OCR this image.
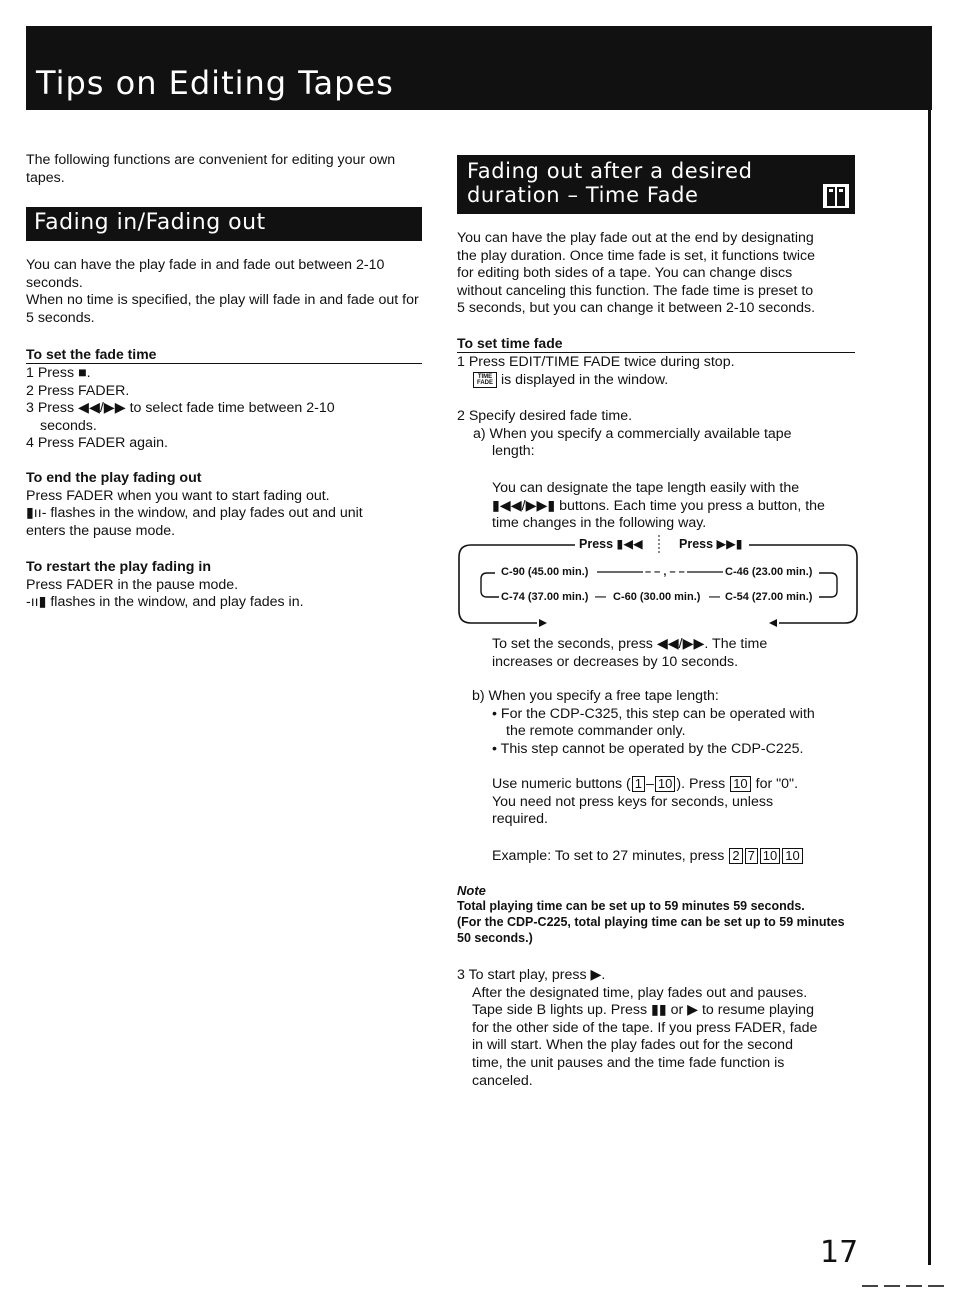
Tips on Editing Tapes

The following functions are convenient for editing your own tapes.

Fading in/Fading out

You can have the play fade in and fade out between 2-10 seconds.

When no time is specified, the play will fade in and fade out for 5 seconds.

To set the fade time

1 Press ■.

2 Press FADER.

3 Press ◀◀/▶▶ to select fade time between 2-10

seconds.

4 Press FADER again.

To end the play fading out

Press FADER when you want to start fading out.

▮ıı- flashes in the window, and play fades out and unit

enters the pause mode.

To restart the play fading in

Press FADER in the pause mode.

-ıı▮ flashes in the window, and play fades in.

Fading out after a desired
duration – Time Fade

You can have the play fade out at the end by designating

the play duration. Once time fade is set, it functions twice

for editing both sides of a tape. You can change discs

without canceling this function. The fade time is preset to

5 seconds, but you can change it between 2-10 seconds.

To set time fade

1 Press EDIT/TIME FADE twice during stop.

TIME
FADE is displayed in the window.

2 Specify desired fade time.

a) When you specify a commercially available tape

length:

You can designate the tape length easily with the

▮◀◀/▶▶▮ buttons. Each time you press a button, the

time changes in the following way.

Press ▮◀◀	Press ▶▶▮
C-90 (45.00 min.)	– – , – –	C-46 (23.00 min.)
C-74 (37.00 min.) — C-60 (30.00 min.) — C-54 (27.00 min.)

To set the seconds, press ◀◀/▶▶. The time

increases or decreases by 10 seconds.

b) When you specify a free tape length:

• For the CDP-C325, this step can be operated with

the remote commander only.

• This step cannot be operated by the CDP-C225.

Use numeric buttons ( 1 – 10 ). Press 10 for "0".

You need not press keys for seconds, unless

required.

Example: To set to 27 minutes, press 2 7 10 10

Note
Total playing time can be set up to 59 minutes 59 seconds.
(For the CDP-C225, total playing time can be set up to 59 minutes
50 seconds.)

3 To start play, press ▶.

After the designated time, play fades out and pauses.

Tape side B lights up. Press ▮▮ or ▶ to resume playing

for the other side of the tape. If you press FADER, fade

in will start. When the play fades out for the second

time, the unit pauses and the time fade function is

canceled.

17
